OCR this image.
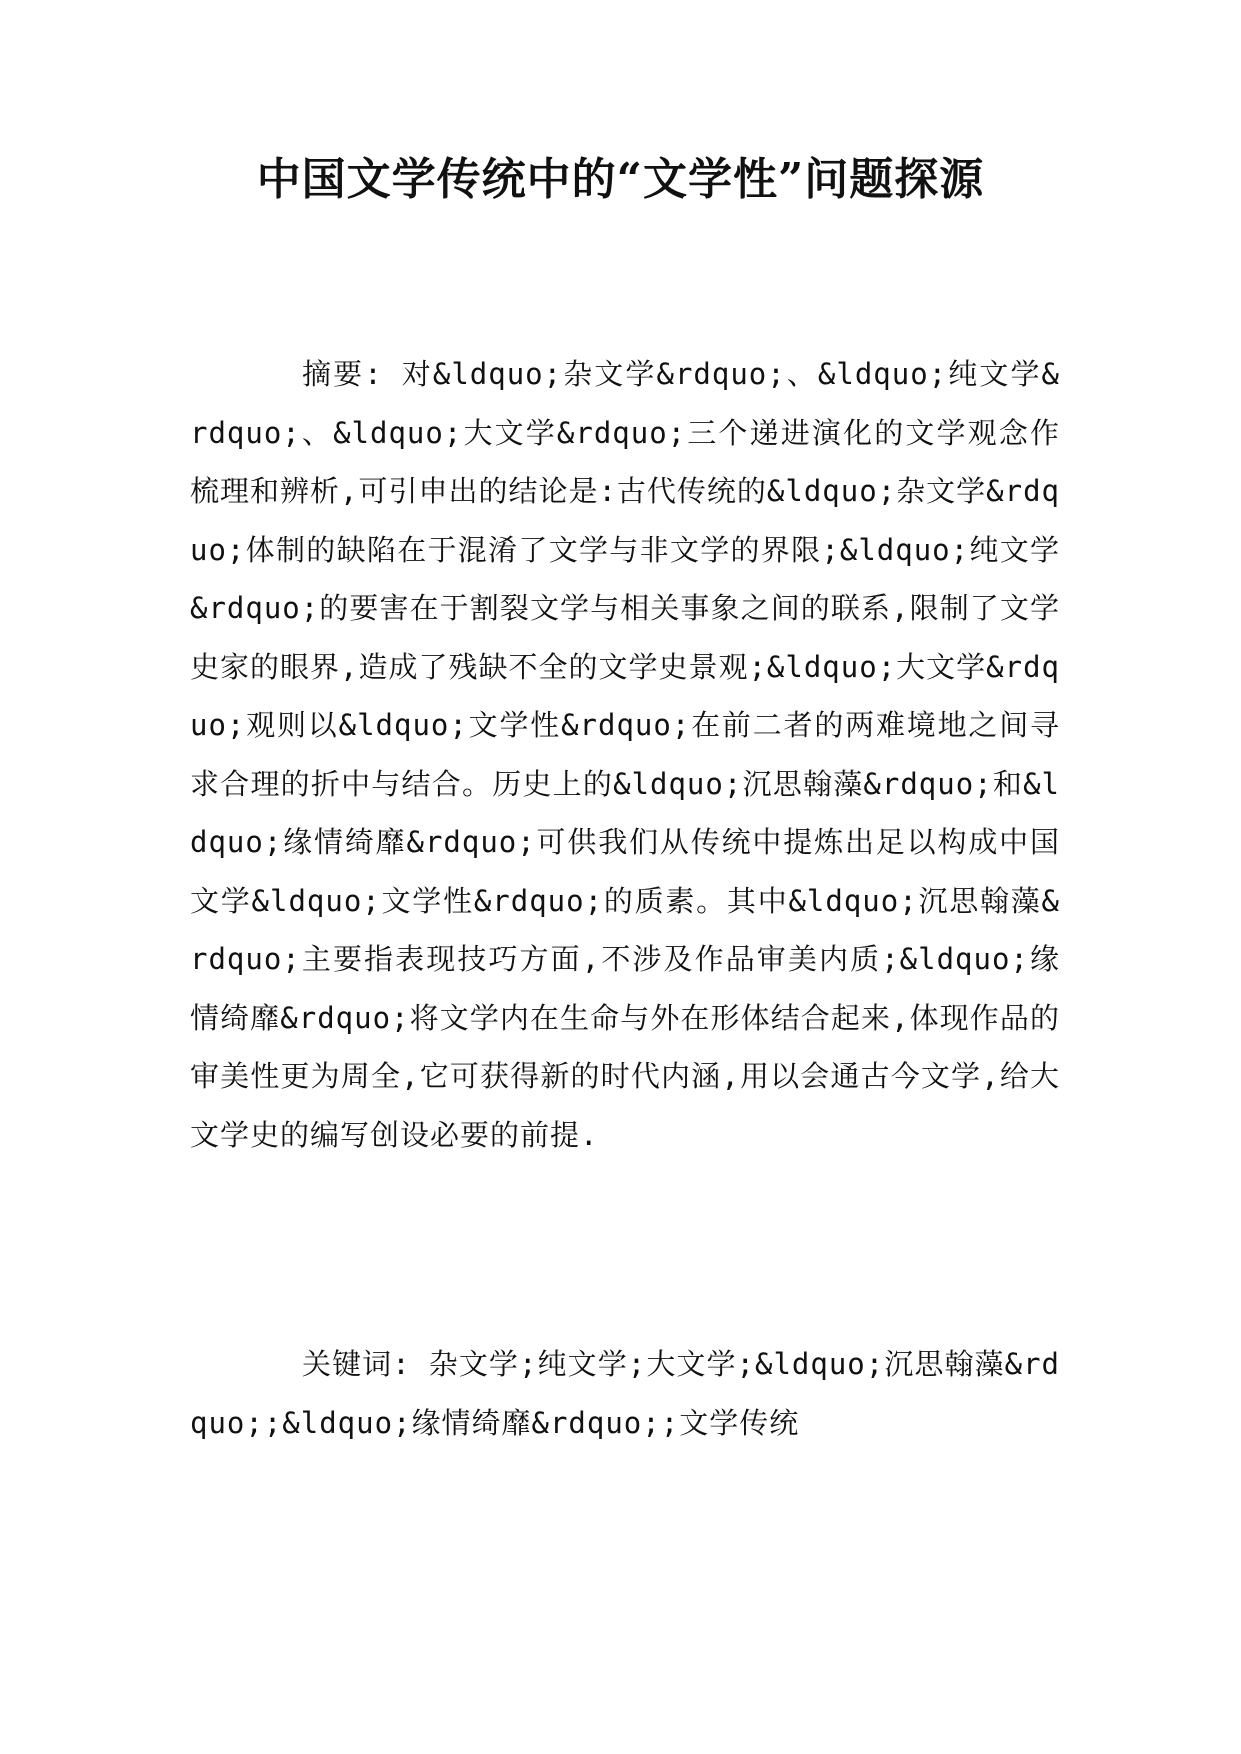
中国文学传统中的“文学性”问题探源
摘要: 对&ldquo;杂文学&rdquo;、&ldquo;纯文学&rdquo;、&ldquo;大文学&rdquo;三个递进演化的文学观念作梳理和辨析,可引申出的结论是:古代传统的&ldquo;杂文学&rdquo;体制的缺陷在于混淆了文学与非文学的界限;&ldquo;纯文学&rdquo;的要害在于割裂文学与相关事象之间的联系,限制了文学史家的眼界,造成了残缺不全的文学史景观;&ldquo;大文学&rdquo;观则以&ldquo;文学性&rdquo;在前二者的两难境地之间寻求合理的折中与结合。历史上的&ldquo;沉思翰藻&rdquo;和&ldquo;缘情绮靡&rdquo;可供我们从传统中提炼出足以构成中国文学&ldquo;文学性&rdquo;的质素。其中&ldquo;沉思翰藻&rdquo;主要指表现技巧方面,不涉及作品审美内质;&ldquo;缘情绮靡&rdquo;将文学内在生命与外在形体结合起来,体现作品的审美性更为周全,它可获得新的时代内涵,用以会通古今文学,给大文学史的编写创设必要的前提.
关键词: 杂文学;纯文学;大文学;&ldquo;沉思翰藻&rdquo;;&ldquo;缘情绮靡&rdquo;;文学传统
